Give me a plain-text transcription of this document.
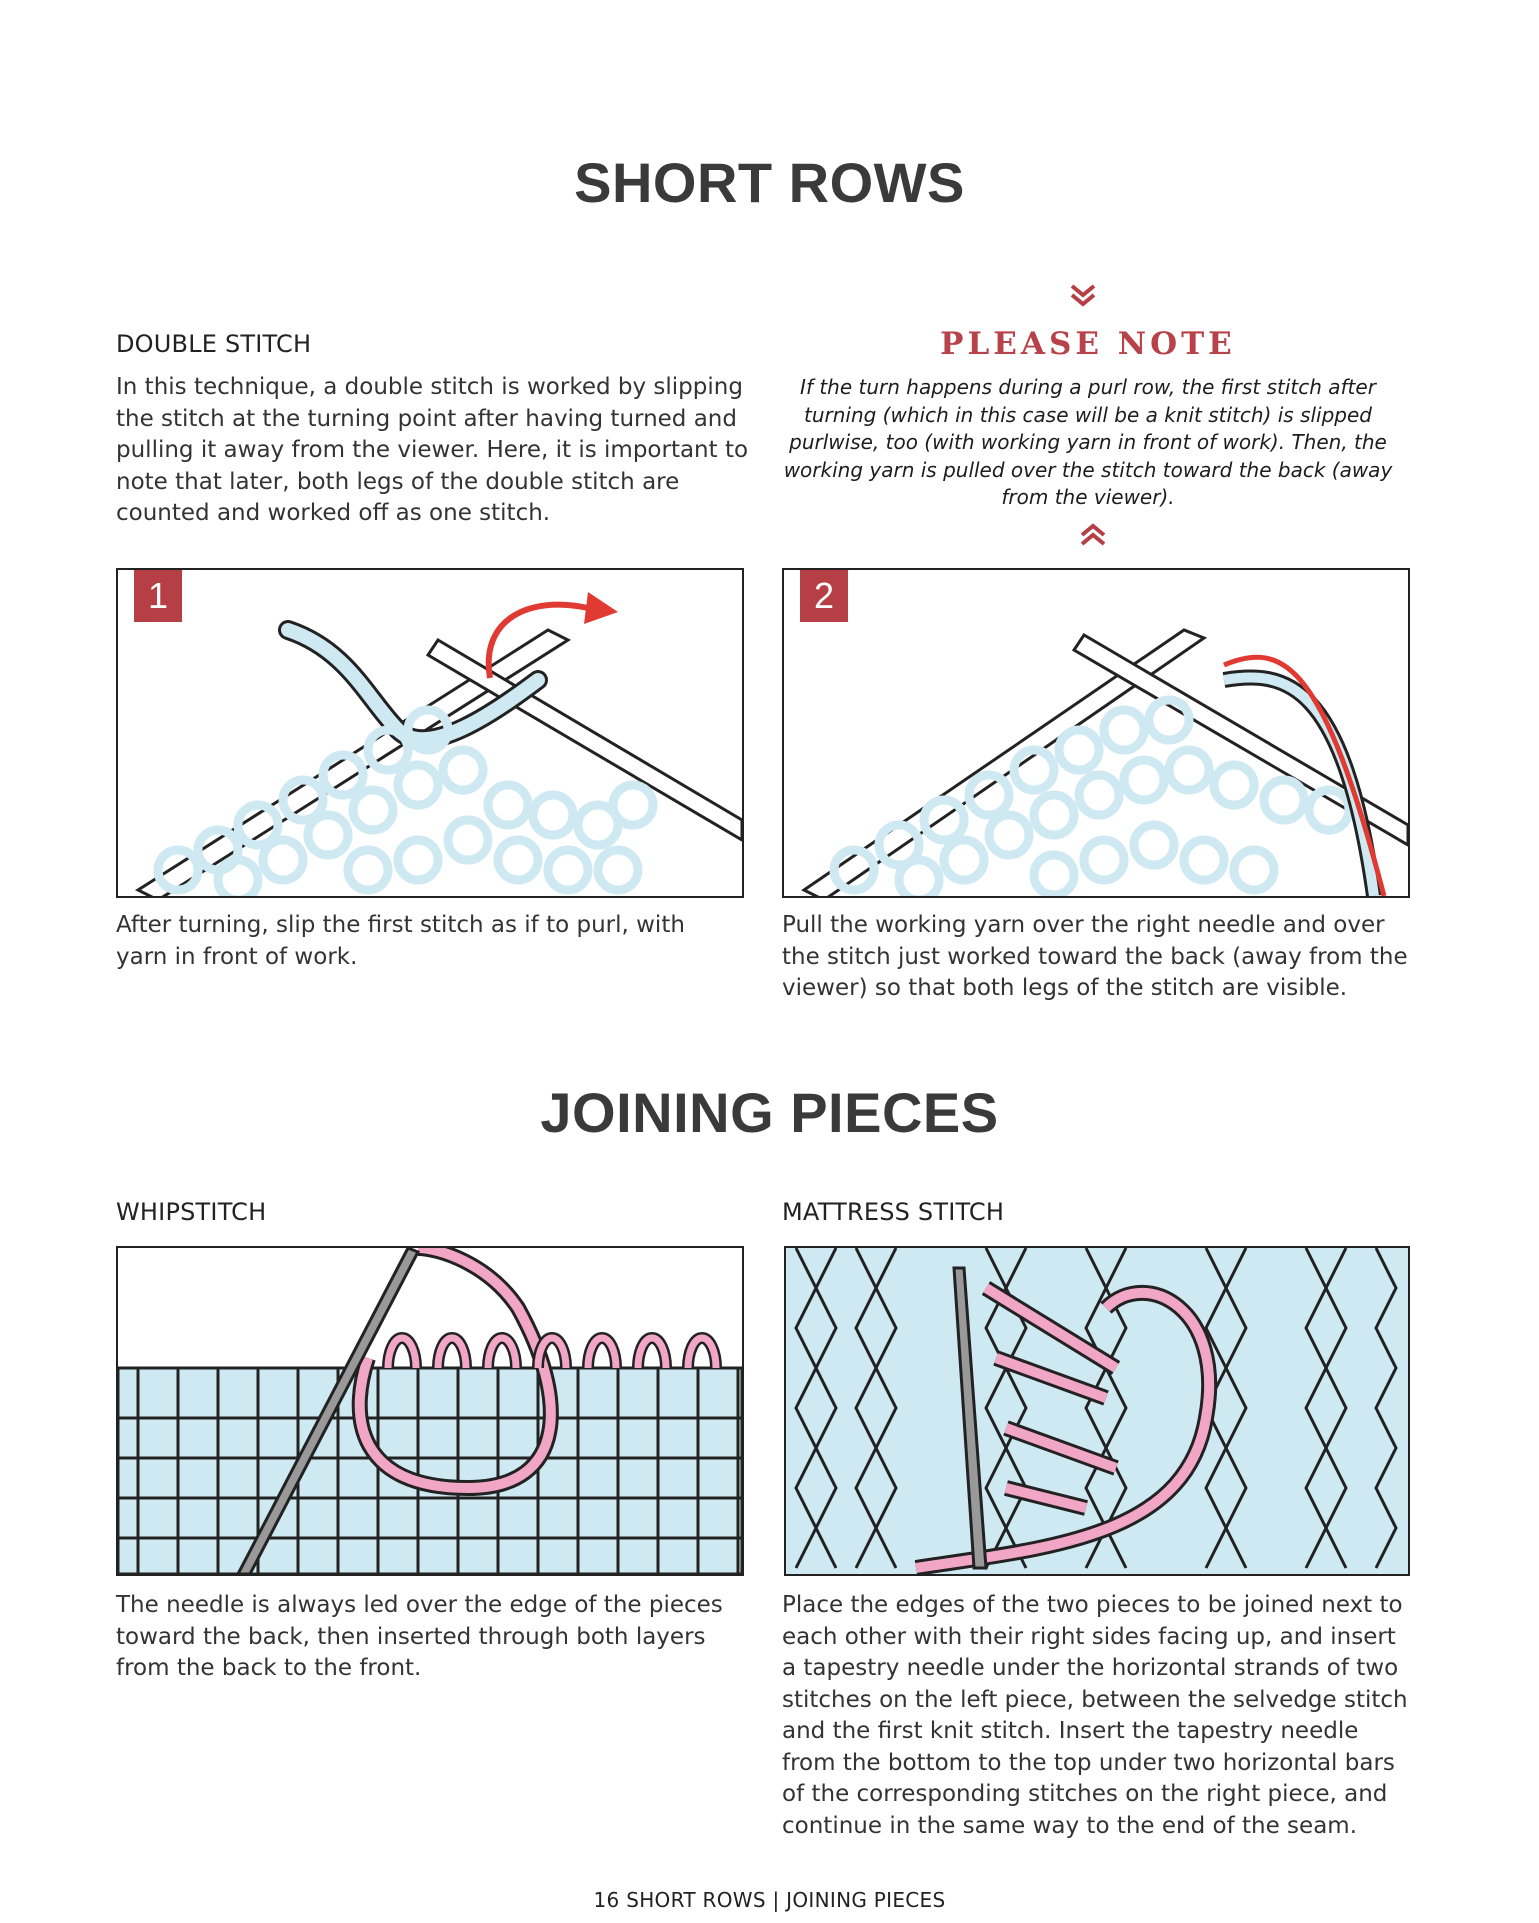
SHORT ROWS
DOUBLE STITCH

In this technique, a double stitch is worked by slipping the stitch at the turning point after having turned and pulling it away from the viewer. Here, it is important to note that later, both legs of the double stitch are counted and worked off as one stitch.

PLEASE NOTE

If the turn happens during a purl row, the first stitch after turning (which in this case will be a knit stitch) is slipped purlwise, too (with working yarn in front of work). Then, the working yarn is pulled over the stitch toward the back (away from the viewer).

1

After turning, slip the first stitch as if to purl, with yarn in front of work.

2

Pull the working yarn over the right needle and over the stitch just worked toward the back (away from the viewer) so that both legs of the stitch are visible.

JOINING PIECES
WHIPSTITCH	MATTRESS STITCH

The needle is always led over the edge of the pieces toward the back, then inserted through both layers from the back to the front.

Place the edges of the two pieces to be joined next to each other with their right sides facing up, and insert a tapestry needle under the horizontal strands of two stitches on the left piece, between the selvedge stitch and the first knit stitch. Insert the tapestry needle from the bottom to the top under two horizontal bars of the corresponding stitches on the right piece, and continue in the same way to the end of the seam.

16 SHORT ROWS | JOINING PIECES
